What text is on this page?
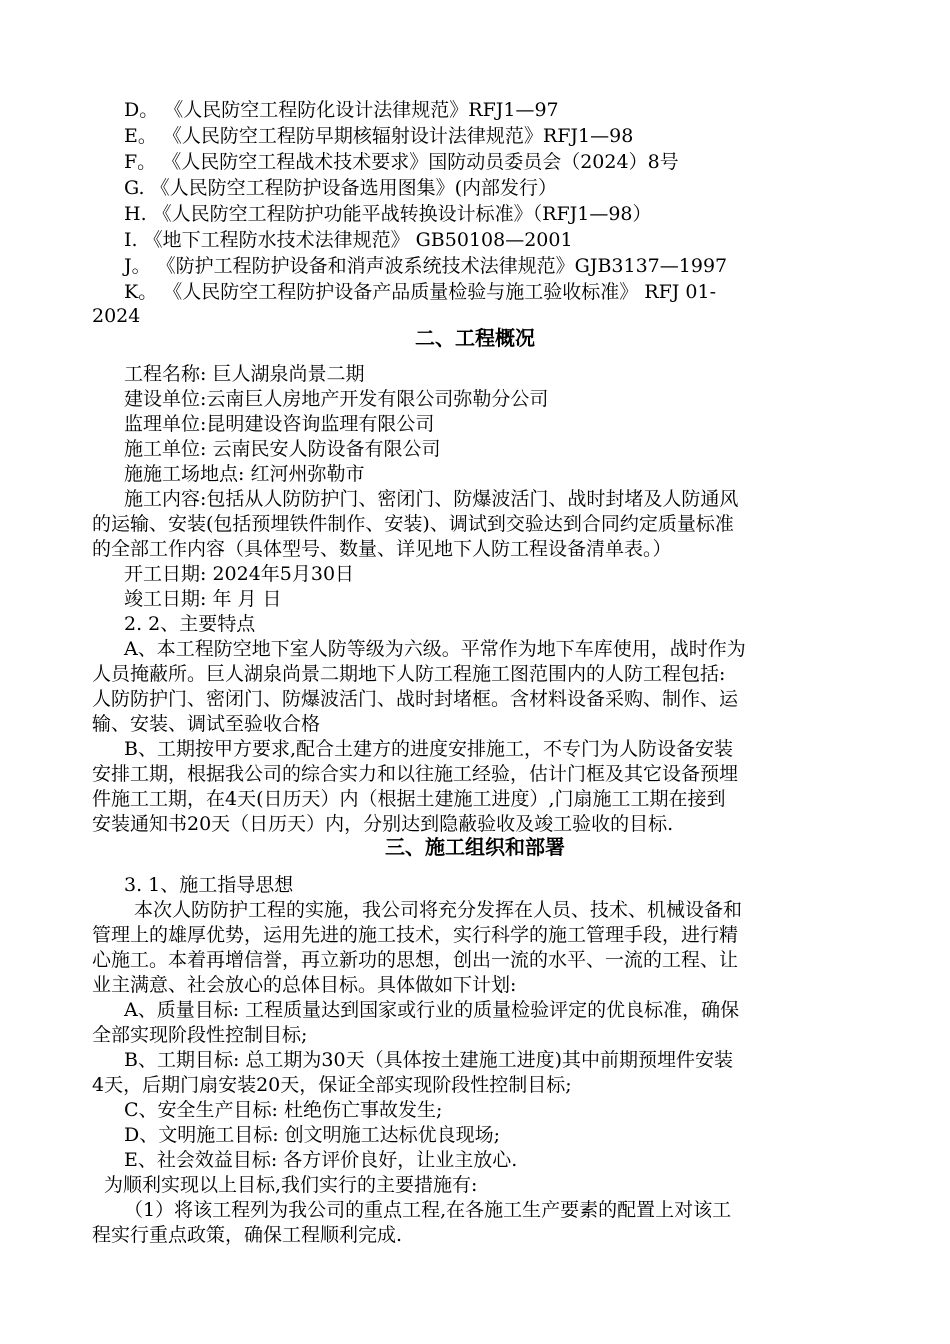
D。 《人民防空工程防化设计法律规范》RFJ1—97
E。 《人民防空工程防早期核辐射设计法律规范》RFJ1—98
F。 《人民防空工程战术技术要求》国防动员委员会（2024）8号
G. 《人民防空工程防护设备选用图集》(内部发行）
H. 《人民防空工程防护功能平战转换设计标准》（RFJ1—98）
I. 《地下工程防水技术法律规范》 GB50108—2001
J。 《防护工程防护设备和消声波系统技术法律规范》GJB3137—1997
K。 《人民防空工程防护设备产品质量检验与施工验收标准》 RFJ 01-
2024
二、工程概况
工程名称: 巨人湖泉尚景二期
建设单位:云南巨人房地产开发有限公司弥勒分公司
监理单位:昆明建设咨询监理有限公司
施工单位: 云南民安人防设备有限公司
施施工场地点: 红河州弥勒市
施工内容:包括从人防防护门、密闭门、防爆波活门、战时封堵及人防通风
的运输、安装(包括预埋铁件制作、安装)、调试到交验达到合同约定质量标准
的全部工作内容（具体型号、数量、详见地下人防工程设备清单表。）
开工日期: 2024年5月30日
竣工日期: 年 月 日
2. 2、主要特点
A、本工程防空地下室人防等级为六级。平常作为地下车库使用，战时作为
人员掩蔽所。巨人湖泉尚景二期地下人防工程施工图范围内的人防工程包括:
人防防护门、密闭门、防爆波活门、战时封堵框。含材料设备采购、制作、运
输、安装、调试至验收合格
B、工期按甲方要求,配合土建方的进度安排施工，不专门为人防设备安装
安排工期，根据我公司的综合实力和以往施工经验，估计门框及其它设备预埋
件施工工期，在4天(日历天）内（根据土建施工进度）,门扇施工工期在接到
安装通知书20天（日历天）内，分别达到隐蔽验收及竣工验收的目标.
三、施工组织和部署
3. 1、施工指导思想
本次人防防护工程的实施，我公司将充分发挥在人员、技术、机械设备和
管理上的雄厚优势，运用先进的施工技术，实行科学的施工管理手段，进行精
心施工。本着再增信誉，再立新功的思想，创出一流的水平、一流的工程、让
业主满意、社会放心的总体目标。具体做如下计划:
A、质量目标: 工程质量达到国家或行业的质量检验评定的优良标准，确保
全部实现阶段性控制目标;
B、工期目标: 总工期为30天（具体按土建施工进度)其中前期预埋件安装
4天，后期门扇安装20天，保证全部实现阶段性控制目标;
C、安全生产目标: 杜绝伤亡事故发生;
D、文明施工目标: 创文明施工达标优良现场;
E、社会效益目标: 各方评价良好，让业主放心.
为顺利实现以上目标,我们实行的主要措施有:
（1）将该工程列为我公司的重点工程,在各施工生产要素的配置上对该工
程实行重点政策，确保工程顺利完成.
